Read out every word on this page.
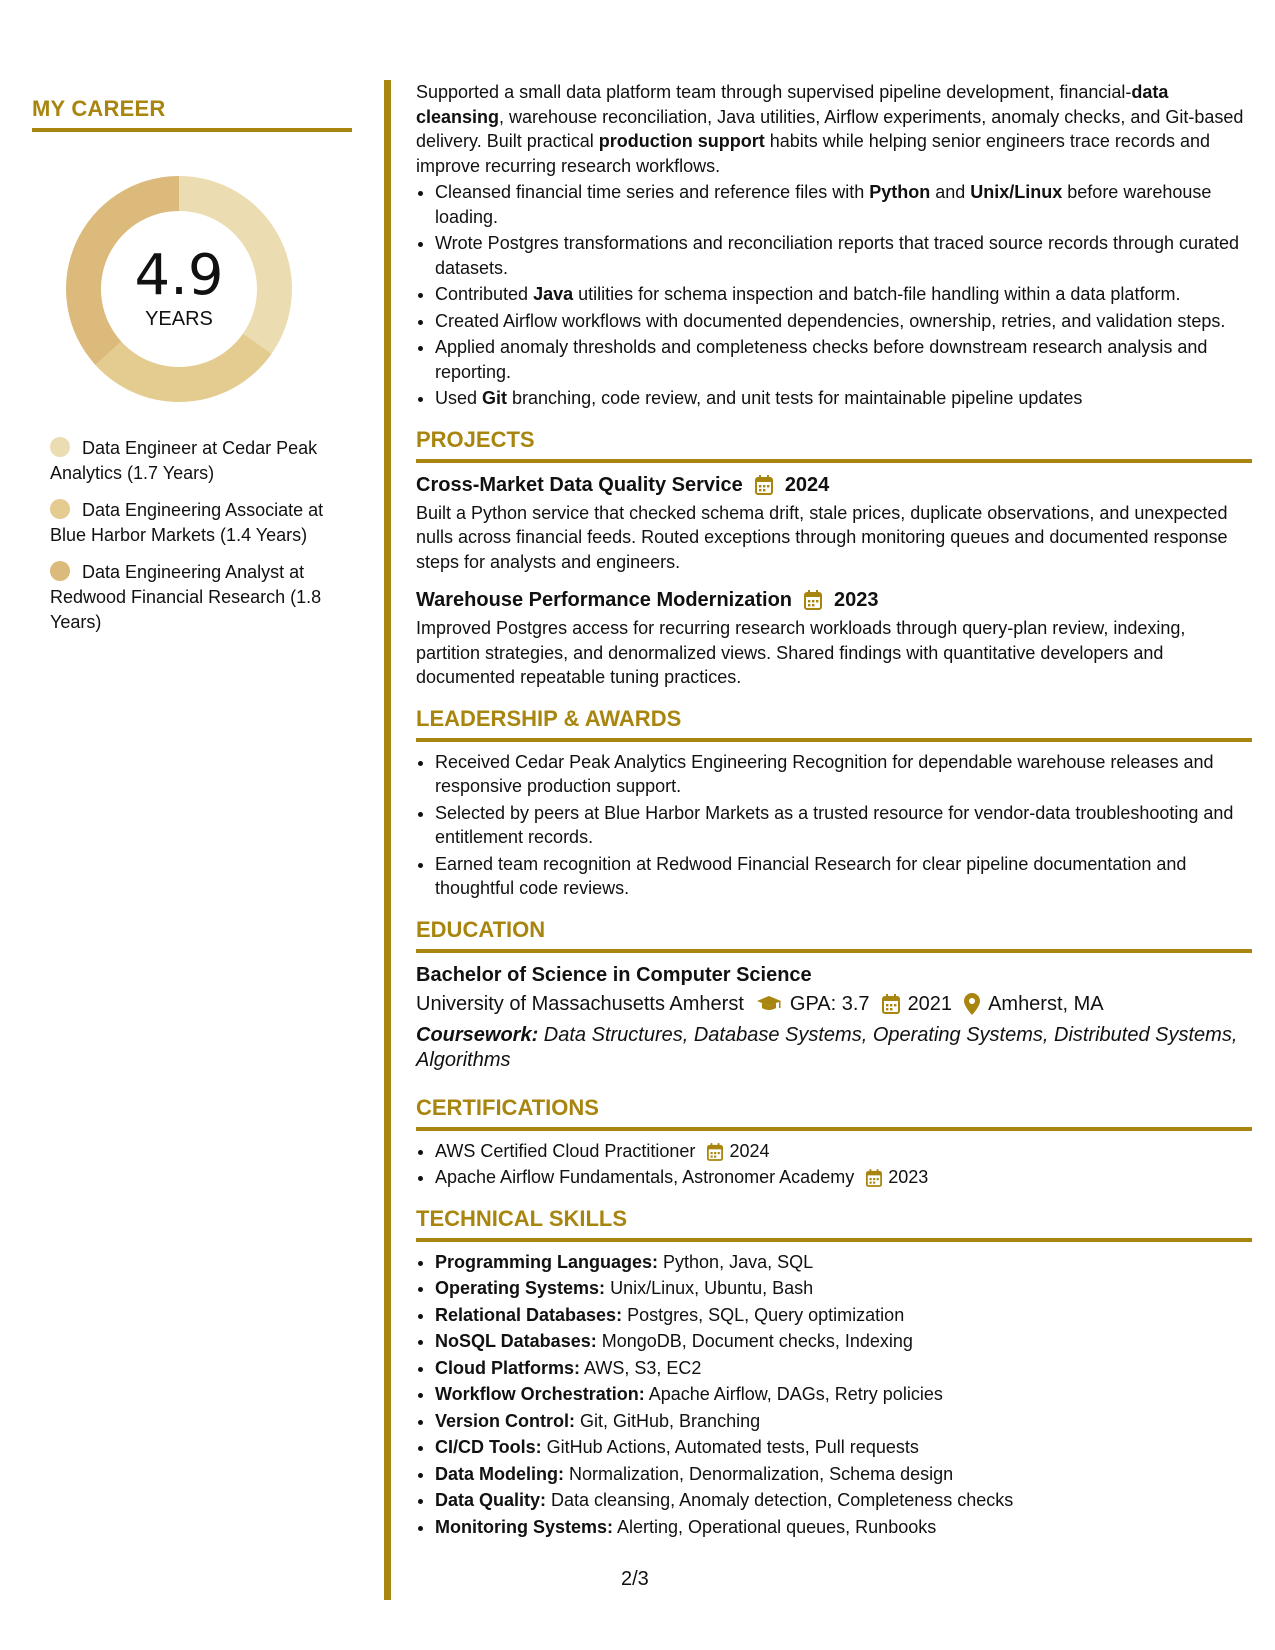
MY CAREER
4.9
YEARS
Data Engineer at Cedar Peak Analytics (1.7 Years)
Data Engineering Associate at Blue Harbor Markets (1.4 Years)
Data Engineering Analyst at Redwood Financial Research (1.8 Years)

Supported a small data platform team through supervised pipeline development, financial-data cleansing, warehouse reconciliation, Java utilities, Airflow experiments, anomaly checks, and Git-based delivery. Built practical production support habits while helping senior engineers trace records and improve recurring research workflows.

• Cleansed financial time series and reference files with Python and Unix/Linux before warehouse loading.
• Wrote Postgres transformations and reconciliation reports that traced source records through curated datasets.
• Contributed Java utilities for schema inspection and batch-file handling within a data platform.
• Created Airflow workflows with documented dependencies, ownership, retries, and validation steps.
• Applied anomaly thresholds and completeness checks before downstream research analysis and reporting.
• Used Git branching, code review, and unit tests for maintainable pipeline updates
PROJECTS
Cross-Market Data Quality Service 2024
Built a Python service that checked schema drift, stale prices, duplicate observations, and unexpected nulls across financial feeds. Routed exceptions through monitoring queues and documented response steps for analysts and engineers.
Warehouse Performance Modernization 2023
Improved Postgres access for recurring research workloads through query-plan review, indexing, partition strategies, and denormalized views. Shared findings with quantitative developers and documented repeatable tuning practices.
LEADERSHIP & AWARDS
• Received Cedar Peak Analytics Engineering Recognition for dependable warehouse releases and responsive production support.
• Selected by peers at Blue Harbor Markets as a trusted resource for vendor-data troubleshooting and entitlement records.
• Earned team recognition at Redwood Financial Research for clear pipeline documentation and thoughtful code reviews.
EDUCATION
Bachelor of Science in Computer Science
University of Massachusetts Amherst GPA: 3.7 2021 Amherst, MA
Coursework: Data Structures, Database Systems, Operating Systems, Distributed Systems, Algorithms
CERTIFICATIONS
• AWS Certified Cloud Practitioner 2024
• Apache Airflow Fundamentals, Astronomer Academy 2023
TECHNICAL SKILLS
• Programming Languages: Python, Java, SQL
• Operating Systems: Unix/Linux, Ubuntu, Bash
• Relational Databases: Postgres, SQL, Query optimization
• NoSQL Databases: MongoDB, Document checks, Indexing
• Cloud Platforms: AWS, S3, EC2
• Workflow Orchestration: Apache Airflow, DAGs, Retry policies
• Version Control: Git, GitHub, Branching
• CI/CD Tools: GitHub Actions, Automated tests, Pull requests
• Data Modeling: Normalization, Denormalization, Schema design
• Data Quality: Data cleansing, Anomaly detection, Completeness checks
• Monitoring Systems: Alerting, Operational queues, Runbooks
2/3
